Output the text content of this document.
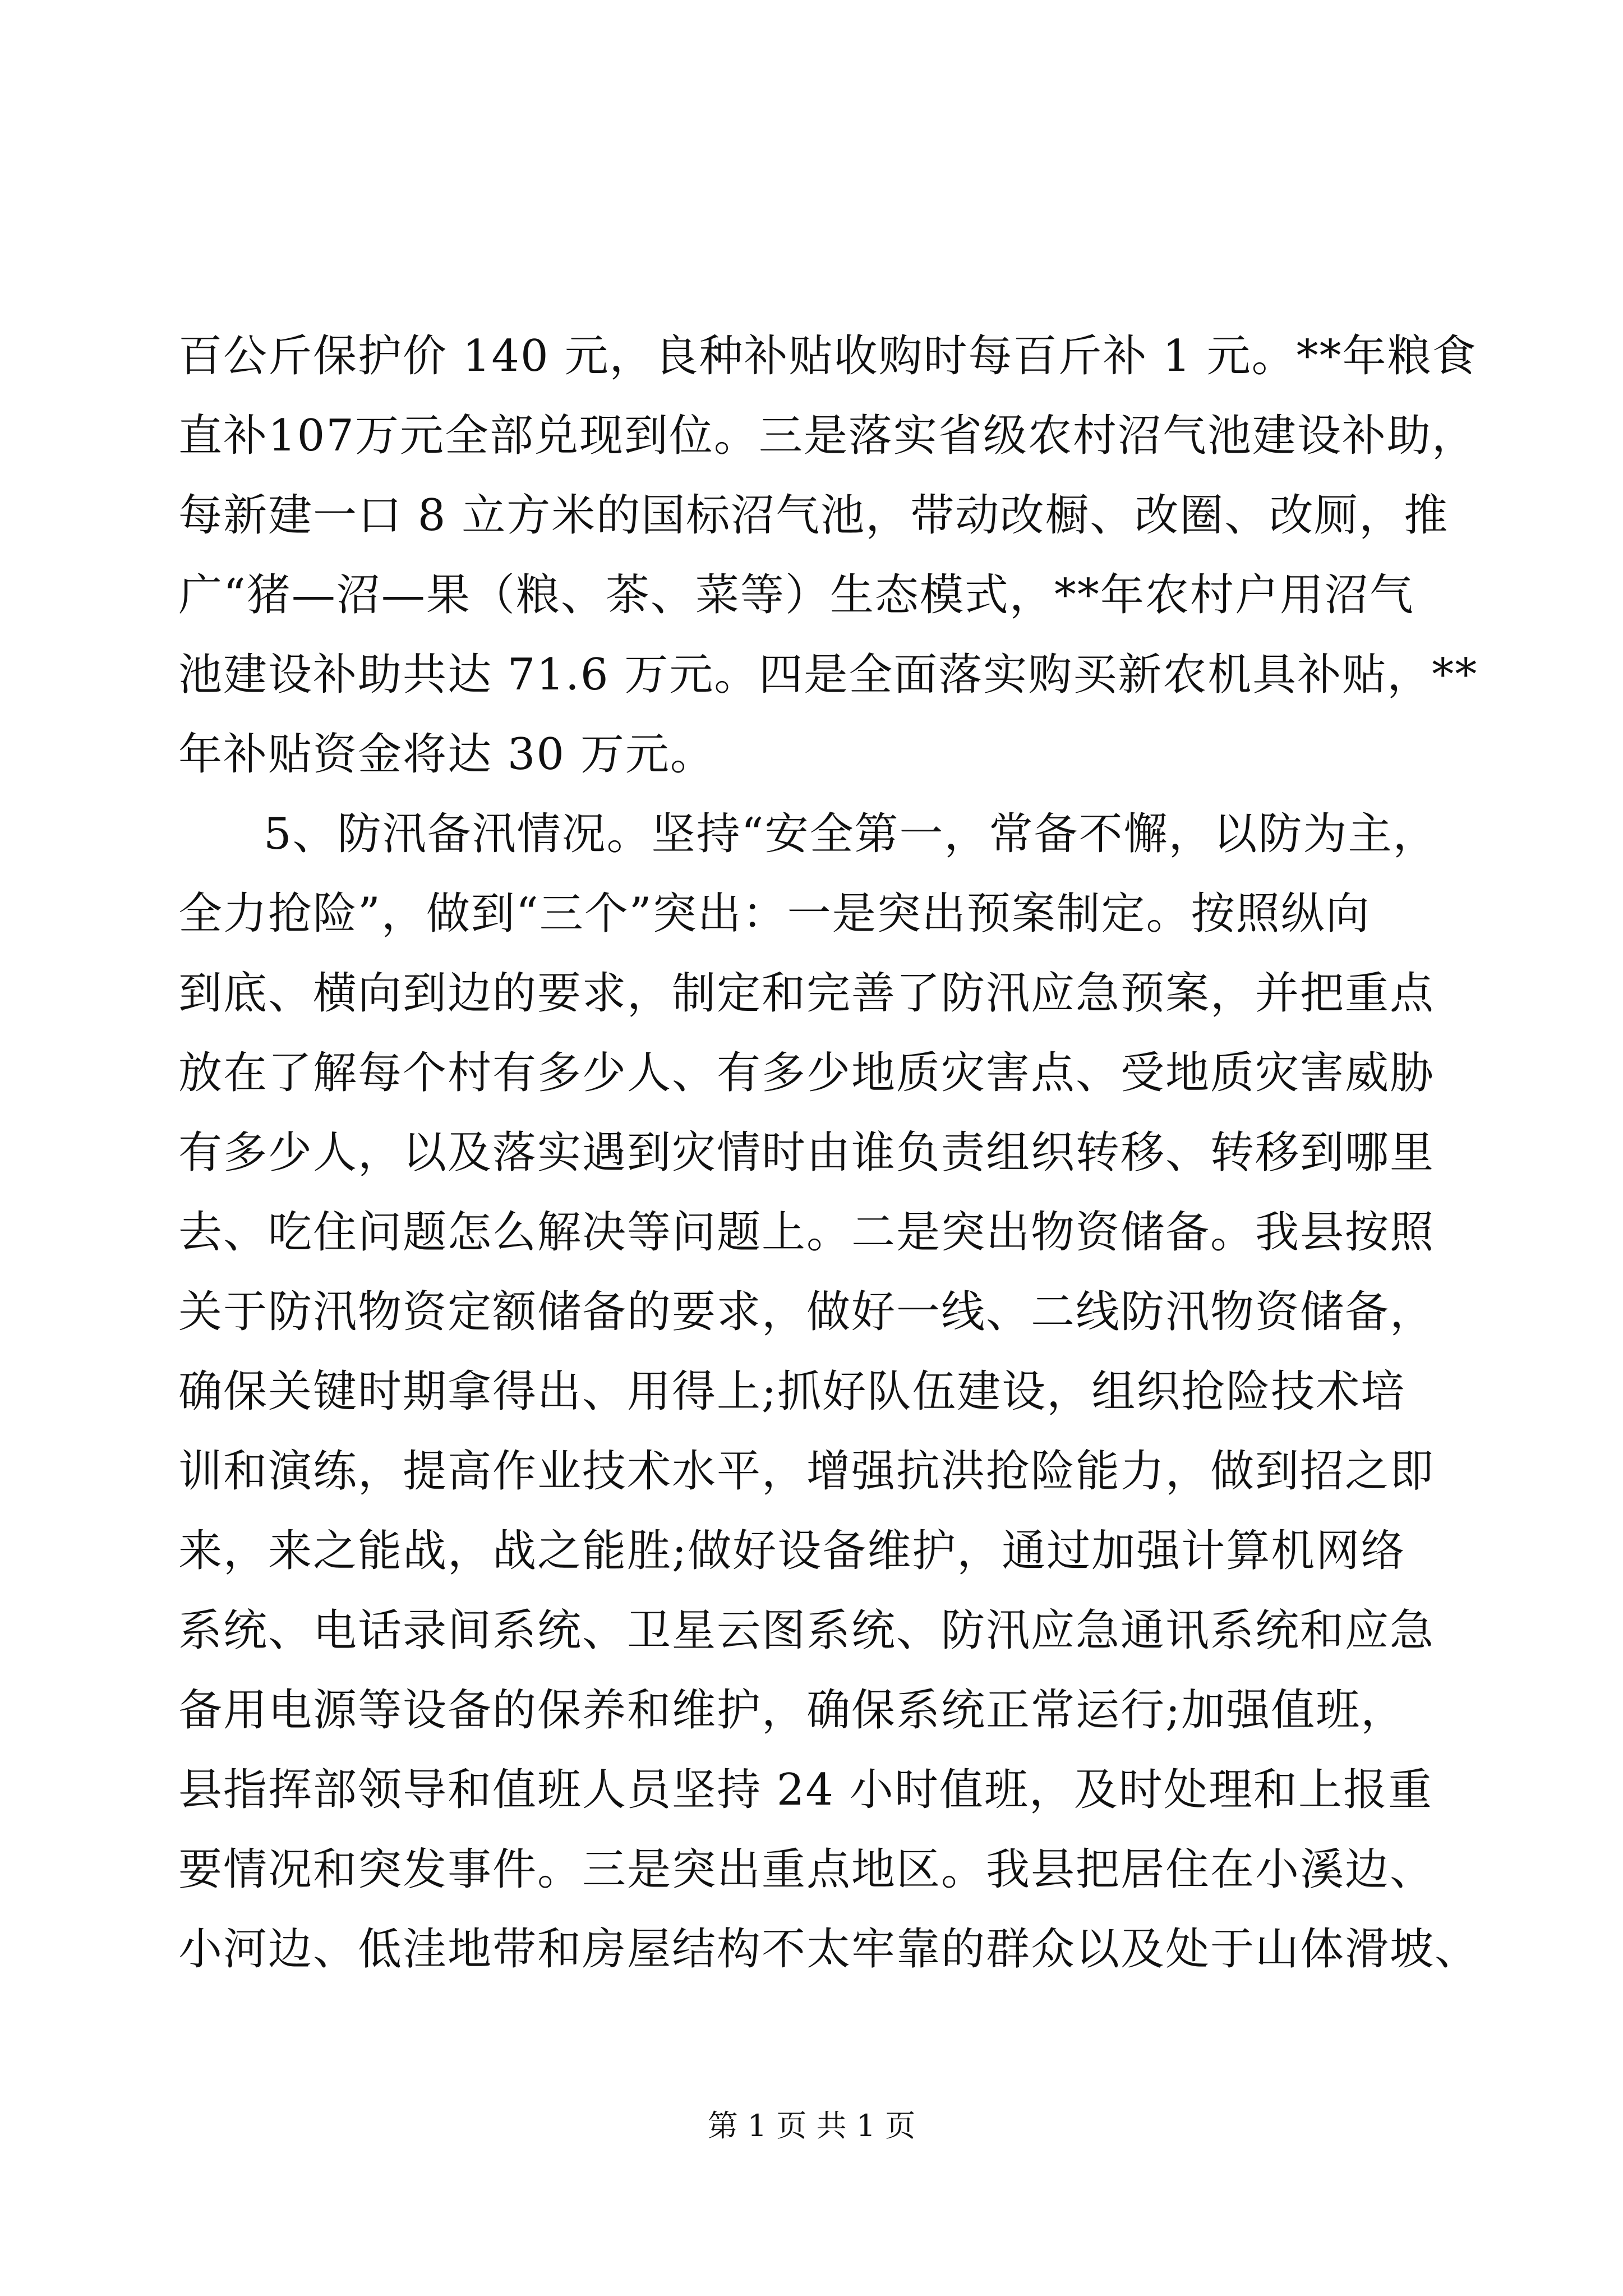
百公斤保护价 140 元，良种补贴收购时每百斤补 1 元。**年粮食
直补107万元全部兑现到位。三是落实省级农村沼气池建设补助，
每新建一口 8 立方米的国标沼气池，带动改橱、改圈、改厕，推
广“猪—沼—果（粮、茶、菜等）生态模式，**年农村户用沼气
池建设补助共达 71.6 万元。四是全面落实购买新农机具补贴，**
年补贴资金将达 30 万元。
5、防汛备汛情况。坚持“安全第一，常备不懈，以防为主，
全力抢险”，做到“三个”突出：一是突出预案制定。按照纵向
到底、横向到边的要求，制定和完善了防汛应急预案，并把重点
放在了解每个村有多少人、有多少地质灾害点、受地质灾害威胁
有多少人，以及落实遇到灾情时由谁负责组织转移、转移到哪里
去、吃住问题怎么解决等问题上。二是突出物资储备。我县按照
关于防汛物资定额储备的要求，做好一线、二线防汛物资储备，
确保关键时期拿得出、用得上;抓好队伍建设，组织抢险技术培
训和演练，提高作业技术水平，增强抗洪抢险能力，做到招之即
来，来之能战，战之能胜;做好设备维护，通过加强计算机网络
系统、电话录间系统、卫星云图系统、防汛应急通讯系统和应急
备用电源等设备的保养和维护，确保系统正常运行;加强值班，
县指挥部领导和值班人员坚持 24 小时值班，及时处理和上报重
要情况和突发事件。三是突出重点地区。我县把居住在小溪边、
小河边、低洼地带和房屋结构不太牢靠的群众以及处于山体滑坡、
第 1 页 共 1 页
